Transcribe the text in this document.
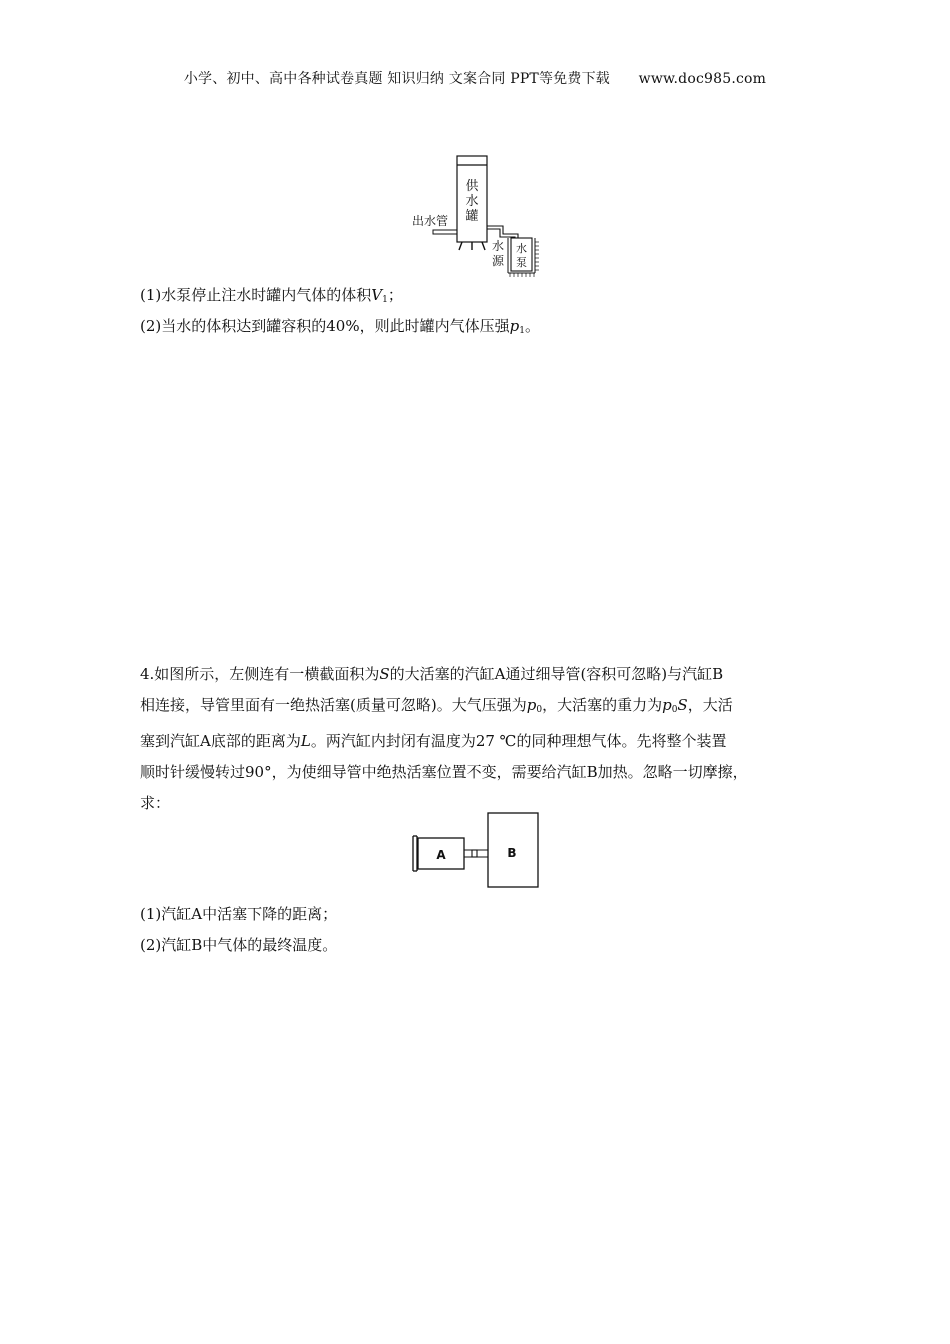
小学、初中、高中各种试卷真题 知识归纳 文案合同 PPT等免费下载 www.doc985.com
供
水
罐
出水管
水
泵
水
源
(1)水泵停止注水时罐内气体的体积$V_1$；
(2)当水的体积达到罐容积的40%，则此时罐内气体压强$p_1$。
4.如图所示，左侧连有一横截面积为S的大活塞的汽缸A通过细导管(容积可忽略)与汽缸B
相连接，导管里面有一绝热活塞(质量可忽略)。大气压强为$p_0$，大活塞的重力为$p_0S$，大活
塞到汽缸A底部的距离为L。两汽缸内封闭有温度为27 ℃的同种理想气体。先将整个装置
顺时针缓慢转过90°，为使细导管中绝热活塞位置不变，需要给汽缸B加热。忽略一切摩擦，
求：
A	B
(1)汽缸A中活塞下降的距离；
(2)汽缸B中气体的最终温度。
